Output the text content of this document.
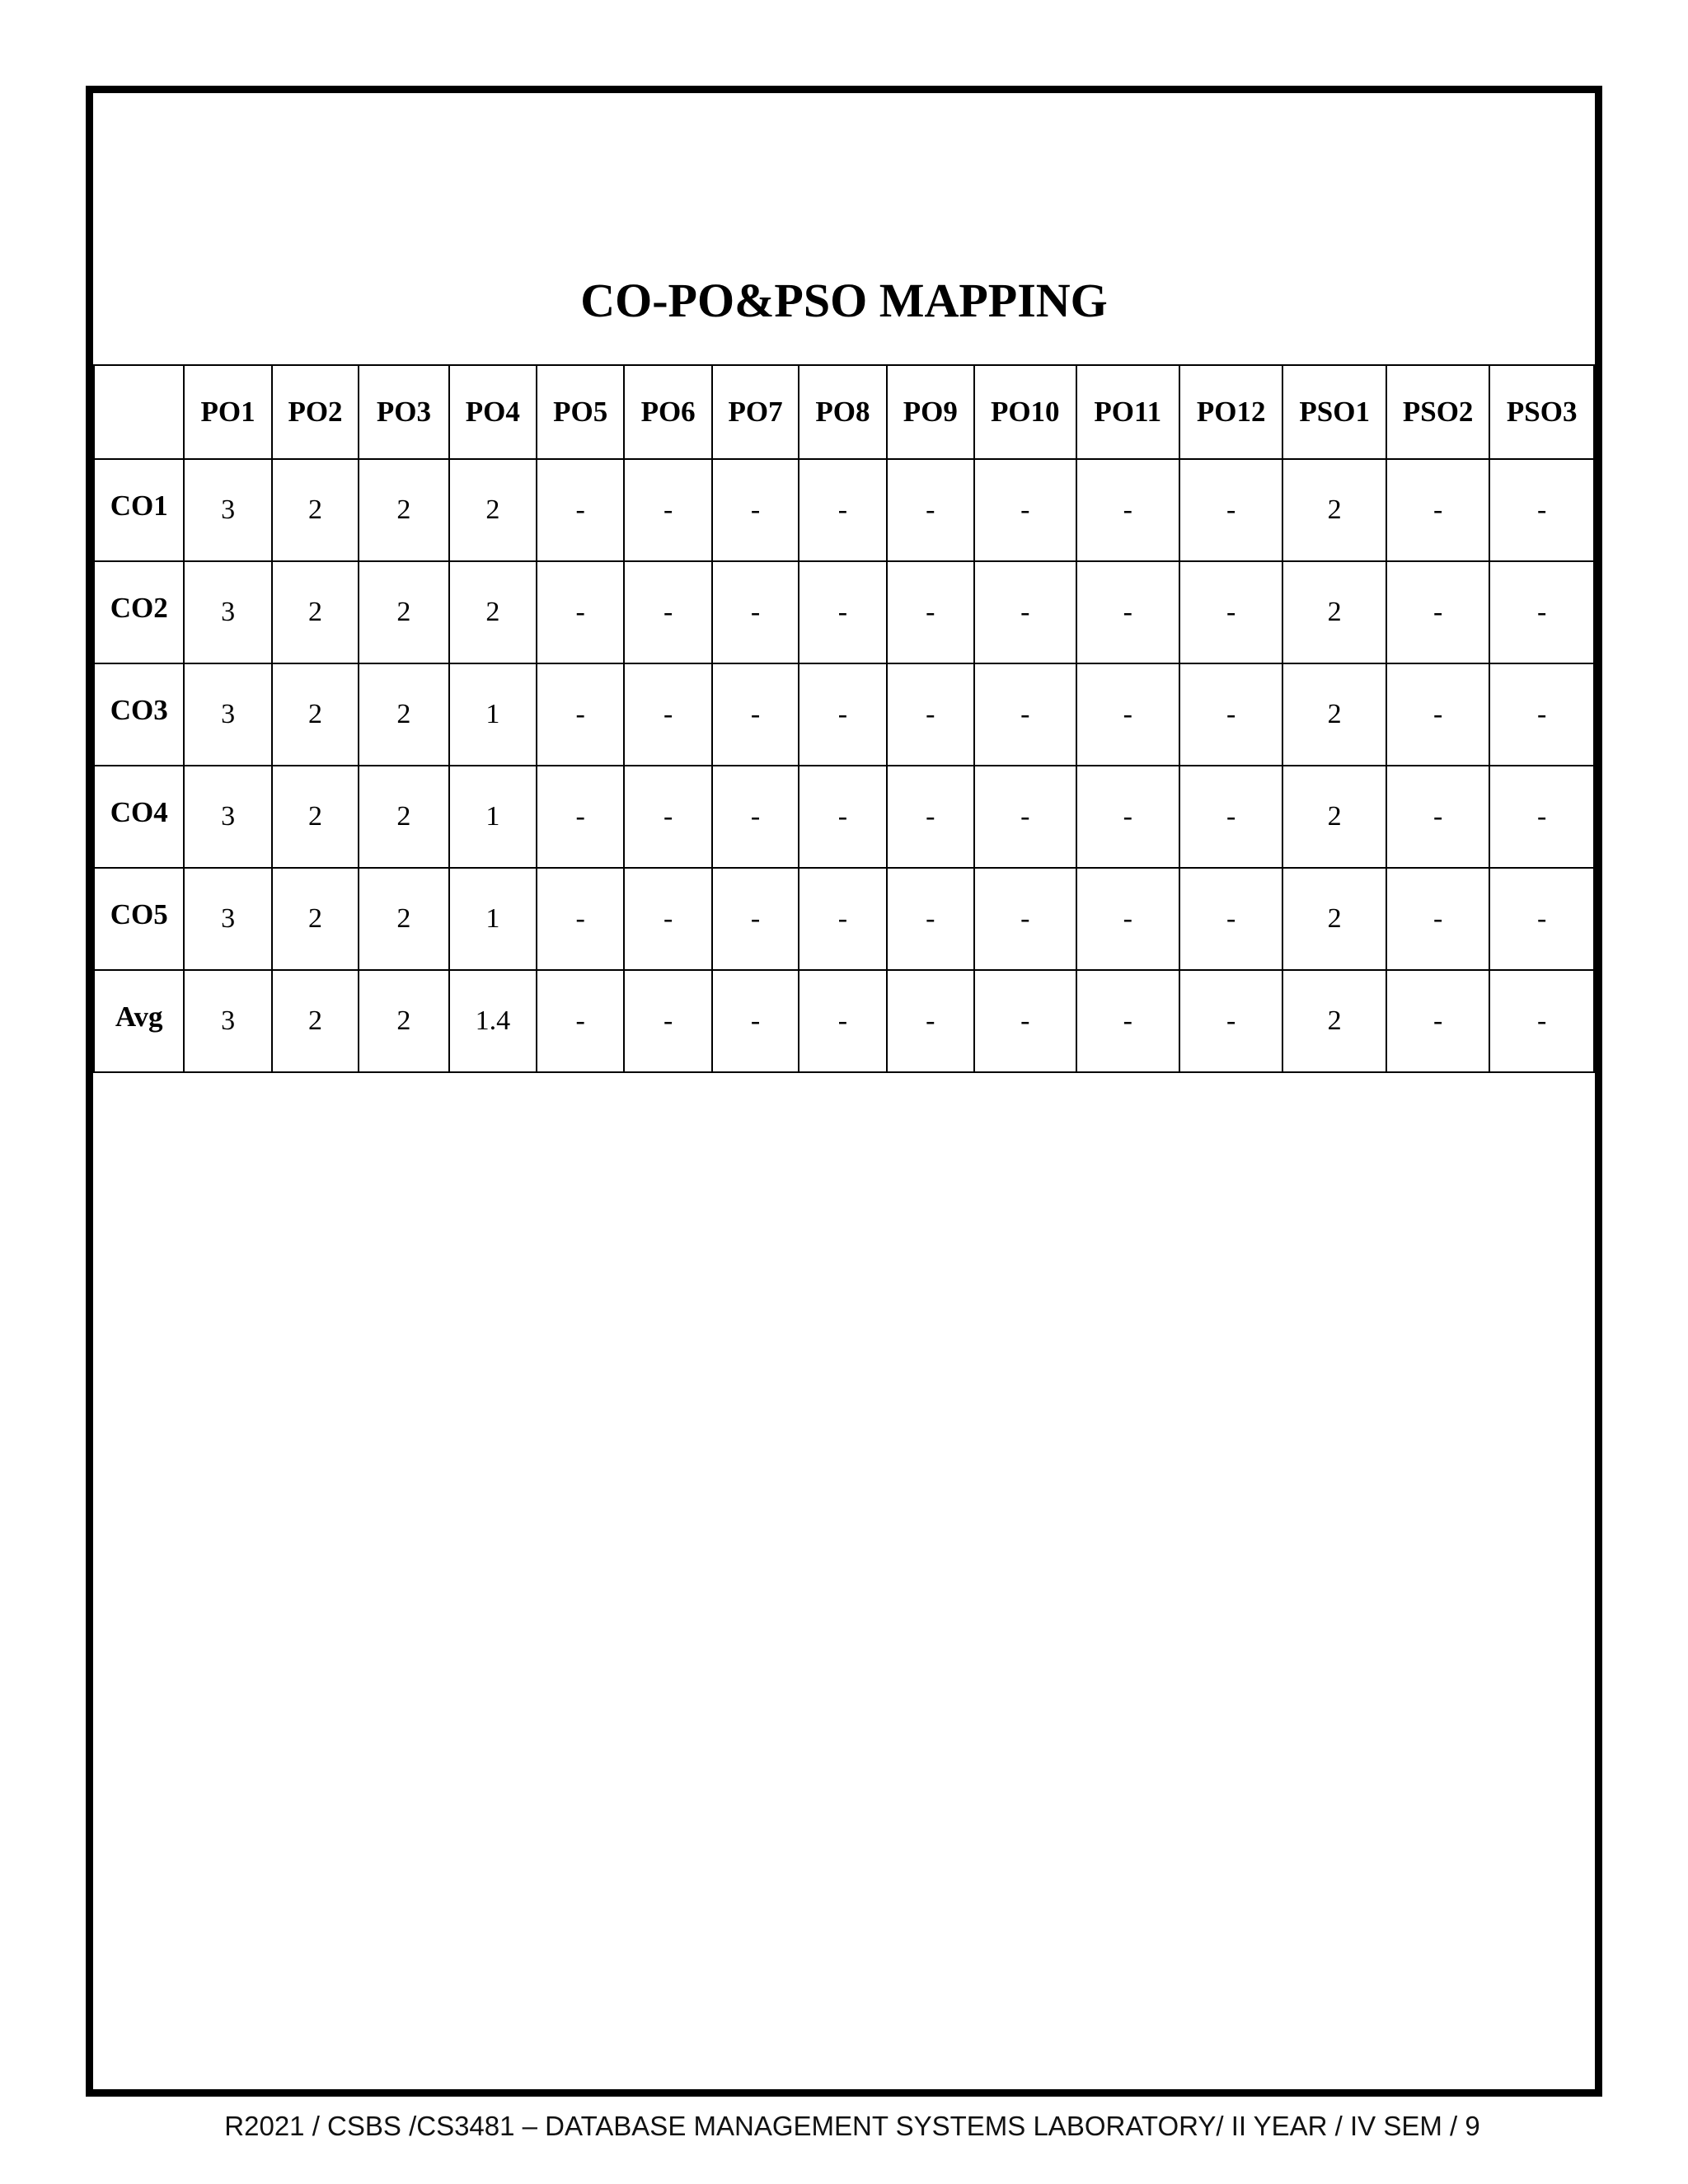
CO-PO&PSO MAPPING
	PO1	PO2	PO3	PO4	PO5	PO6	PO7	PO8	PO9	PO10	PO11	PO12	PSO1	PSO2	PSO3
CO1	3	2	2	2	-	-	-	-	-	-	-	-	2	-	-
CO2	3	2	2	2	-	-	-	-	-	-	-	-	2	-	-
CO3	3	2	2	1	-	-	-	-	-	-	-	-	2	-	-
CO4	3	2	2	1	-	-	-	-	-	-	-	-	2	-	-
CO5	3	2	2	1	-	-	-	-	-	-	-	-	2	-	-
Avg	3	2	2	1.4	-	-	-	-	-	-	-	-	2	-	-
R2021 / CSBS /CS3481 – DATABASE MANAGEMENT SYSTEMS LABORATORY/ II YEAR / IV SEM / 9
